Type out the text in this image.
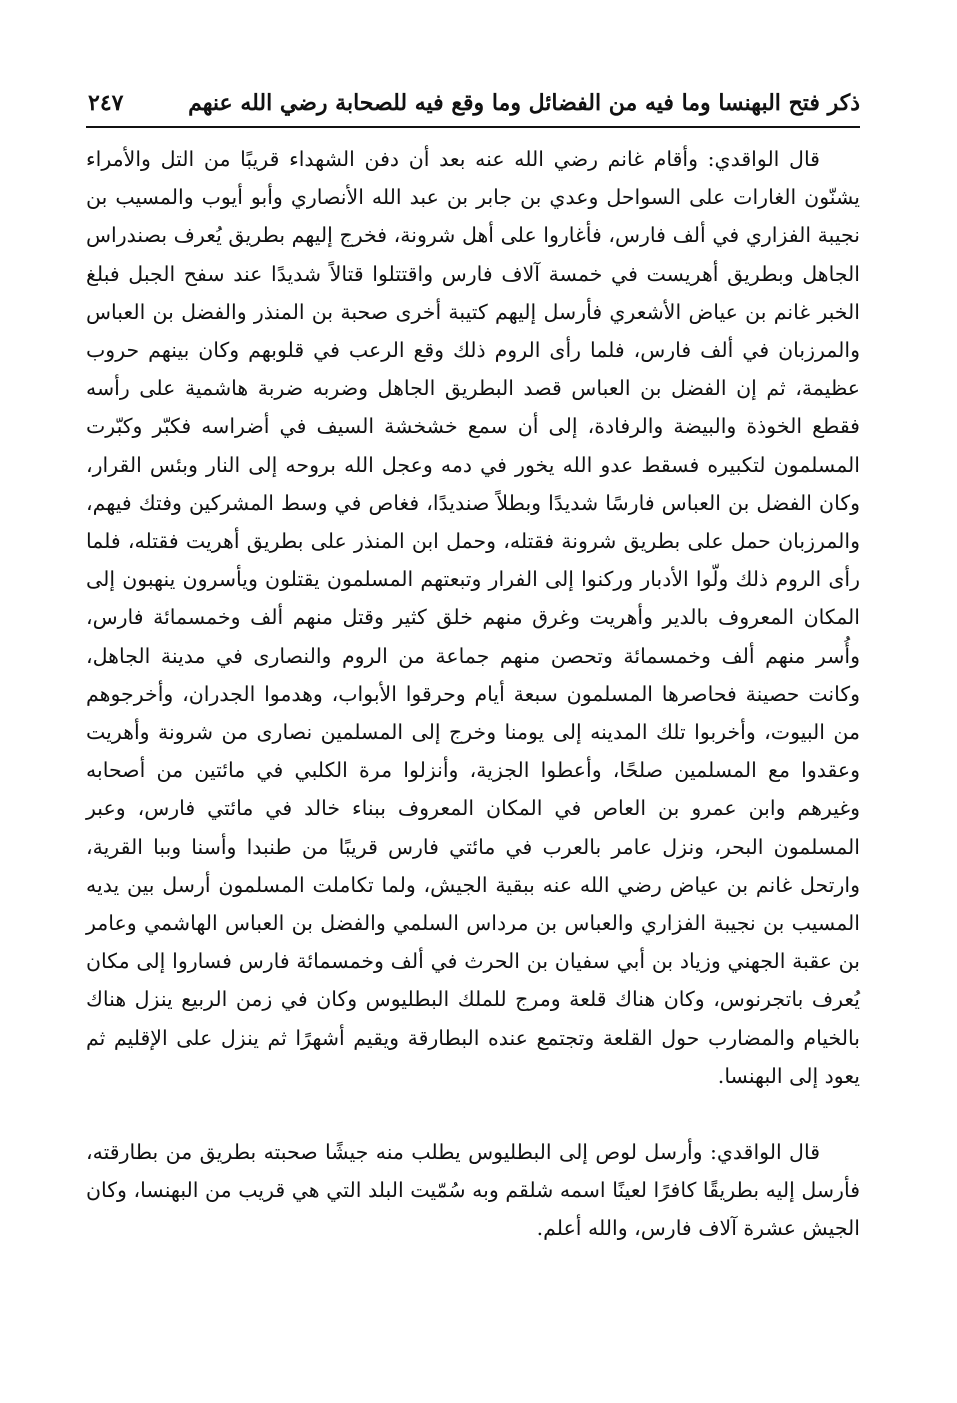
ذكر فتح البهنسا وما فيه من الفضائل وما وقع فيه للصحابة رضي الله عنهم
٢٤٧

قال الواقدي: وأقام غانم رضي الله عنه بعد أن دفن الشهداء قريبًا من التل والأمراء يشنّون الغارات على السواحل وعدي بن جابر بن عبد الله الأنصاري وأبو أيوب والمسيب بن نجيبة الفزاري في ألف فارس، فأغاروا على أهل شرونة، فخرج إليهم بطريق يُعرف بصندراس الجاهل وبطريق أهريست في خمسة آلاف فارس واقتتلوا قتالاً شديدًا عند سفح الجبل فبلغ الخبر غانم بن عياض الأشعري فأرسل إليهم كتيبة أخرى صحبة بن المنذر والفضل بن العباس والمرزبان في ألف فارس، فلما رأى الروم ذلك وقع الرعب في قلوبهم وكان بينهم حروب عظيمة، ثم إن الفضل بن العباس قصد البطريق الجاهل وضربه ضربة هاشمية على رأسه فقطع الخوذة والبيضة والرفادة، إلى أن سمع خشخشة السيف في أضراسه فكبّر وكبّرت المسلمون لتكبيره فسقط عدو الله يخور في دمه وعجل الله بروحه إلى النار وبئس القرار، وكان الفضل بن العباس فارسًا شديدًا وبطلاً صنديدًا، فغاص في وسط المشركين وفتك فيهم، والمرزبان حمل على بطريق شرونة فقتله، وحمل ابن المنذر على بطريق أهريت فقتله، فلما رأى الروم ذلك ولّوا الأدبار وركنوا إلى الفرار وتبعتهم المسلمون يقتلون ويأسرون ينهبون إلى المكان المعروف بالدير وأهريت وغرق منهم خلق كثير وقتل منهم ألف وخمسمائة فارس، وأُسر منهم ألف وخمسمائة وتحصن منهم جماعة من الروم والنصارى في مدينة الجاهل، وكانت حصينة فحاصرها المسلمون سبعة أيام وحرقوا الأبواب، وهدموا الجدران، وأخرجوهم من البيوت، وأخربوا تلك المدينه إلى يومنا وخرج إلى المسلمين نصارى من شرونة وأهريت وعقدوا مع المسلمين صلحًا، وأعطوا الجزية، وأنزلوا مرة الكلبي في مائتين من أصحابه وغيرهم وابن عمرو بن العاص في المكان المعروف ببناء خالد في مائتي فارس، وعبر المسلمون البحر، ونزل عامر بالعرب في مائتي فارس قريبًا من طنبدا وأسنا وببا القرية، وارتحل غانم بن عياض رضي الله عنه ببقية الجيش، ولما تكاملت المسلمون أرسل بين يديه المسيب بن نجيبة الفزاري والعباس بن مرداس السلمي والفضل بن العباس الهاشمي وعامر بن عقبة الجهني وزياد بن أبي سفيان بن الحرث في ألف وخمسمائة فارس فساروا إلى مكان يُعرف باتجرنوس، وكان هناك قلعة ومرج للملك البطليوس وكان في زمن الربيع ينزل هناك بالخيام والمضارب حول القلعة وتجتمع عنده البطارقة ويقيم أشهرًا ثم ينزل على الإقليم ثم يعود إلى البهنسا.

قال الواقدي: وأرسل لوص إلى البطليوس يطلب منه جيشًا صحبته بطريق من بطارقته، فأرسل إليه بطريقًا كافرًا لعينًا اسمه شلقم وبه سُمّيت البلد التي هي قريب من البهنسا، وكان الجيش عشرة آلاف فارس، والله أعلم.
